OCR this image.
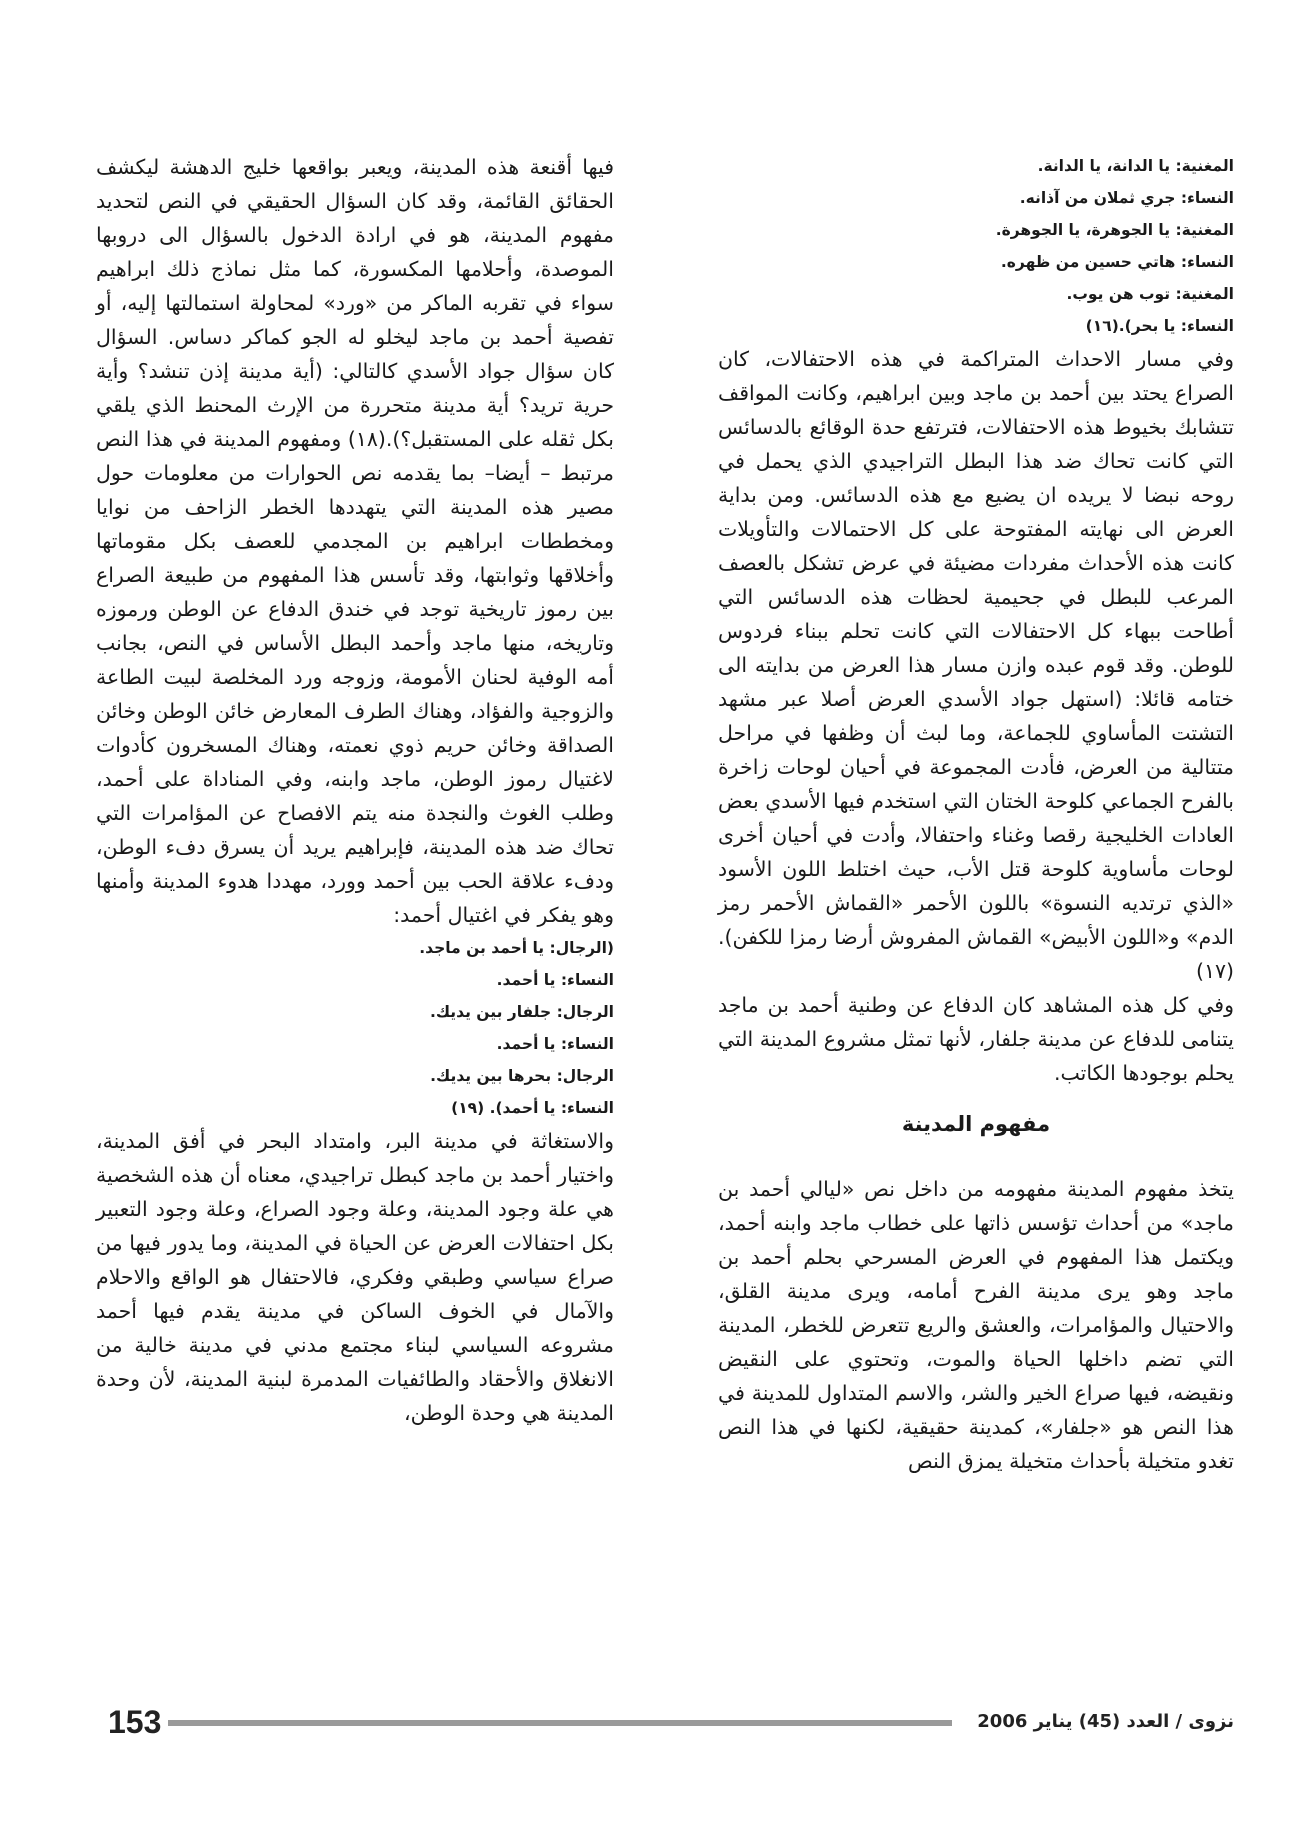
المغنية: يا الدانة، يا الدانة.
النساء: جري ثملان من آذانه.
المغنية: يا الجوهرة، يا الجوهرة.
النساء: هاتي حسين من ظهره.
المغنية: توب هن يوب.
النساء: يا بحر).(١٦)

وفي مسار الاحداث المتراكمة في هذه الاحتفالات، كان الصراع يحتد بين أحمد بن ماجد وبين ابراهيم، وكانت المواقف تتشابك بخيوط هذه الاحتفالات، فترتفع حدة الوقائع بالدسائس التي كانت تحاك ضد هذا البطل التراجيدي الذي يحمل في روحه نبضا لا يريده ان يضيع مع هذه الدسائس. ومن بداية العرض الى نهايته المفتوحة على كل الاحتمالات والتأويلات كانت هذه الأحداث مفردات مضيئة في عرض تشكل بالعصف المرعب للبطل في جحيمية لحظات هذه الدسائس التي أطاحت ببهاء كل الاحتفالات التي كانت تحلم ببناء فردوس للوطن. وقد قوم عبده وازن مسار هذا العرض من بدايته الى ختامه قائلا: (استهل جواد الأسدي العرض أصلا عبر مشهد التشتت المأساوي للجماعة، وما لبث أن وظفها في مراحل متتالية من العرض، فأدت المجموعة في أحيان لوحات زاخرة بالفرح الجماعي كلوحة الختان التي استخدم فيها الأسدي بعض العادات الخليجية رقصا وغناء واحتفالا، وأدت في أحيان أخرى لوحات مأساوية كلوحة قتل الأب، حيث اختلط اللون الأسود «الذي ترتديه النسوة» باللون الأحمر «القماش الأحمر رمز الدم» و«اللون الأبيض» القماش المفروش أرضا رمزا للكفن).(١٧)

وفي كل هذه المشاهد كان الدفاع عن وطنية أحمد بن ماجد يتنامى للدفاع عن مدينة جلفار، لأنها تمثل مشروع المدينة التي يحلم بوجودها الكاتب.

مفهوم المدينة

يتخذ مفهوم المدينة مفهومه من داخل نص «ليالي أحمد بن ماجد» من أحداث تؤسس ذاتها على خطاب ماجد وابنه أحمد، ويكتمل هذا المفهوم في العرض المسرحي بحلم أحمد بن ماجد وهو يرى مدينة الفرح أمامه، ويرى مدينة القلق، والاحتيال والمؤامرات، والعشق والريع تتعرض للخطر، المدينة التي تضم داخلها الحياة والموت، وتحتوي على النقيض ونقيضه، فيها صراع الخير والشر، والاسم المتداول للمدينة في هذا النص هو «جلفار»، كمدينة حقيقية، لكنها في هذا النص تغدو متخيلة بأحداث متخيلة يمزق النص

فيها أقنعة هذه المدينة، ويعبر بواقعها خليج الدهشة ليكشف الحقائق القائمة، وقد كان السؤال الحقيقي في النص لتحديد مفهوم المدينة، هو في ارادة الدخول بالسؤال الى دروبها الموصدة، وأحلامها المكسورة، كما مثل نماذج ذلك ابراهيم سواء في تقربه الماكر من «ورد» لمحاولة استمالتها إليه، أو تفصية أحمد بن ماجد ليخلو له الجو كماكر دساس. السؤال كان سؤال جواد الأسدي كالتالي: (أية مدينة إذن تنشد؟ وأية حرية تريد؟ أية مدينة متحررة من الإرث المحنط الذي يلقي بكل ثقله على المستقبل؟).(١٨) ومفهوم المدينة في هذا النص مرتبط – أيضا– بما يقدمه نص الحوارات من معلومات حول مصير هذه المدينة التي يتهددها الخطر الزاحف من نوايا ومخططات ابراهيم بن المجدمي للعصف بكل مقوماتها وأخلاقها وثوابتها، وقد تأسس هذا المفهوم من طبيعة الصراع بين رموز تاريخية توجد في خندق الدفاع عن الوطن ورموزه وتاريخه، منها ماجد وأحمد البطل الأساس في النص، بجانب أمه الوفية لحنان الأمومة، وزوجه ورد المخلصة لبيت الطاعة والزوجية والفؤاد، وهناك الطرف المعارض خائن الوطن وخائن الصداقة وخائن حريم ذوي نعمته، وهناك المسخرون كأدوات لاغتيال رموز الوطن، ماجد وابنه، وفي المناداة على أحمد، وطلب الغوث والنجدة منه يتم الافصاح عن المؤامرات التي تحاك ضد هذه المدينة، فإبراهيم يريد أن يسرق دفء الوطن، ودفء علاقة الحب بين أحمد وورد، مهددا هدوء المدينة وأمنها وهو يفكر في اغتيال أحمد:

(الرجال: يا أحمد بن ماجد.
النساء: يا أحمد.
الرجال: جلفار بين يديك.
النساء: يا أحمد.
الرجال: بحرها بين يديك.
النساء: يا أحمد). (١٩)

والاستغاثة في مدينة البر، وامتداد البحر في أفق المدينة، واختيار أحمد بن ماجد كبطل تراجيدي، معناه أن هذه الشخصية هي علة وجود المدينة، وعلة وجود الصراع، وعلة وجود التعبير بكل احتفالات العرض عن الحياة في المدينة، وما يدور فيها من صراع سياسي وطبقي وفكري، فالاحتفال هو الواقع والاحلام والآمال في الخوف الساكن في مدينة يقدم فيها أحمد مشروعه السياسي لبناء مجتمع مدني في مدينة خالية من الانغلاق والأحقاد والطائفيات المدمرة لبنية المدينة، لأن وحدة المدينة هي وحدة الوطن،

153	نزوى / العدد (45) يناير 2006
